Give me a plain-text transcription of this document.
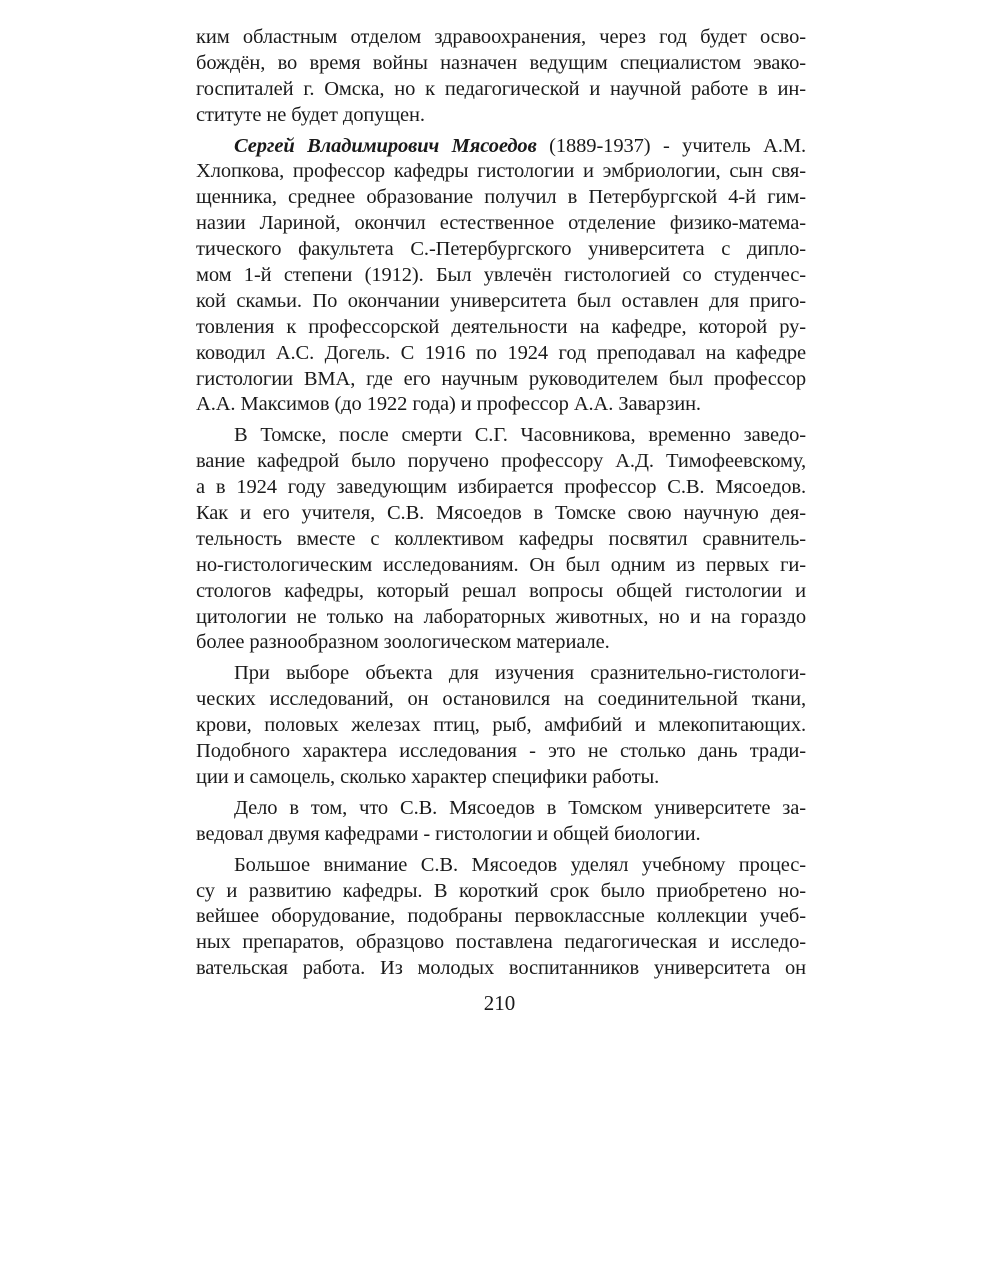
ким областным отделом здравоохранения, через год будет осво-
бождён, во время войны назначен ведущим специалистом эвако-
госпиталей г. Омска, но к педагогической и научной работе в ин-
ституте не будет допущен.

Сергей Владимирович Мясоедов (1889-1937) - учитель А.М.
Хлопкова, профессор кафедры гистологии и эмбриологии, сын свя-
щенника, среднее образование получил в Петербургской 4-й гим-
назии Лариной, окончил естественное отделение физико-матема-
тического факультета С.-Петербургского университета с дипло-
мом 1-й степени (1912). Был увлечён гистологией со студенчес-
кой скамьи. По окончании университета был оставлен для приго-
товления к профессорской деятельности на кафедре, которой ру-
ководил А.С. Догель. С 1916 по 1924 год преподавал на кафедре
гистологии ВМА, где его научным руководителем был профессор
А.А. Максимов (до 1922 года) и профессор А.А. Заварзин.

В Томске, после смерти С.Г. Часовникова, временно заведо-
вание кафедрой было поручено профессору А.Д. Тимофеевскому,
а в 1924 году заведующим избирается профессор С.В. Мясоедов.
Как и его учителя, С.В. Мясоедов в Томске свою научную дея-
тельность вместе с коллективом кафедры посвятил сравнитель-
но-гистологическим исследованиям. Он был одним из первых ги-
стологов кафедры, который решал вопросы общей гистологии и
цитологии не только на лабораторных животных, но и на гораздо
более разнообразном зоологическом материале.

При выборе объекта для изучения сразнительно-гистологи-
ческих исследований, он остановился на соединительной ткани,
крови, половых железах птиц, рыб, амфибий и млекопитающих.
Подобного характера исследования - это не столько дань тради-
ции и самоцель, сколько характер специфики работы.

Дело в том, что С.В. Мясоедов в Томском университете за-
ведовал двумя кафедрами - гистологии и общей биологии.

Большое внимание С.В. Мясоедов уделял учебному процес-
су и развитию кафедры. В короткий срок было приобретено но-
вейшее оборудование, подобраны первоклассные коллекции учеб-
ных препаратов, образцово поставлена педагогическая и исследо-
вательская работа. Из молодых воспитанников университета он

210
